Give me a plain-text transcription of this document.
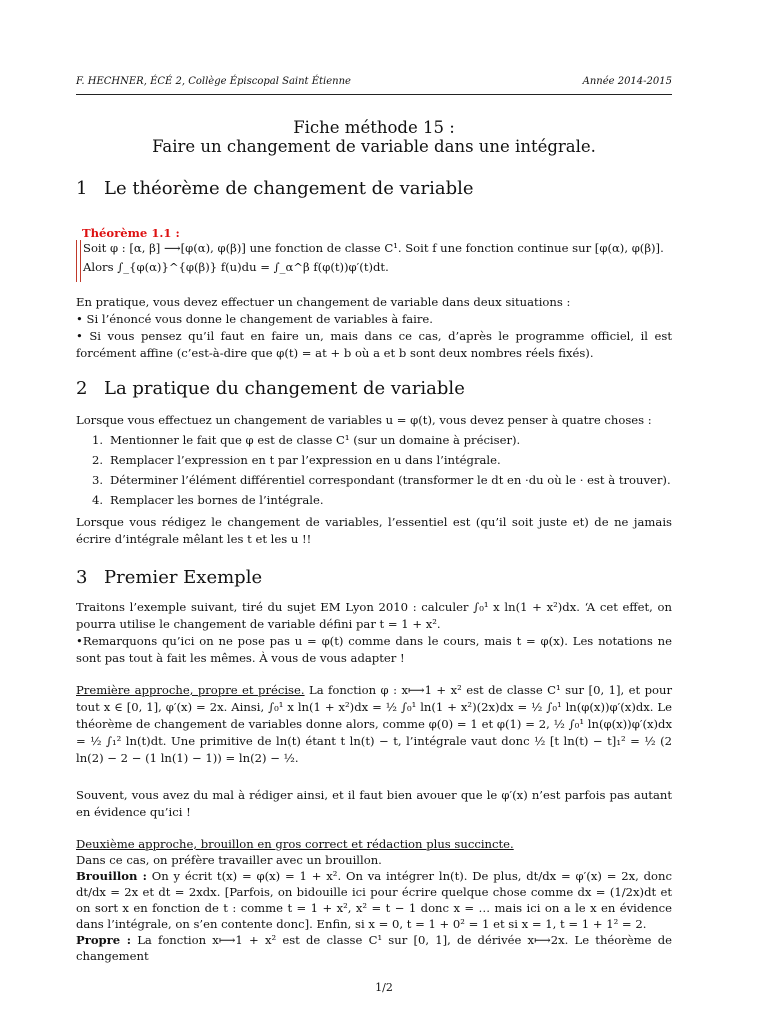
F. HECHNER, ÉCÉ 2, Collège Épiscopal Saint Étienne	Année 2014-2015
Fiche méthode 15 :
Faire un changement de variable dans une intégrale.
1 Le théorème de changement de variable
Théorème 1.1 :
Soit φ : [α, β] ⟶[φ(α), φ(β)] une fonction de classe C¹. Soit f une fonction continue sur [φ(α), φ(β)].
Alors ∫_{φ(α)}^{φ(β)} f(u)du = ∫_α^β f(φ(t))φ′(t)dt.

En pratique, vous devez effectuer un changement de variable dans deux situations :

• Si l’énoncé vous donne le changement de variables à faire.

• Si vous pensez qu’il faut en faire un, mais dans ce cas, d’après le programme officiel, il est forcément affine (c’est-à-dire que φ(t) = at + b où a et b sont deux nombres réels fixés).

2 La pratique du changement de variable
Lorsque vous effectuez un changement de variables u = φ(t), vous devez penser à quatre choses :
1. Mentionner le fait que φ est de classe C¹ (sur un domaine à préciser).
2. Remplacer l’expression en t par l’expression en u dans l’intégrale.
3. Déterminer l’élément différentiel correspondant (transformer le dt en ·du où le · est à trouver).
4. Remplacer les bornes de l’intégrale.
Lorsque vous rédigez le changement de variables, l’essentiel est (qu’il soit juste et) de ne jamais écrire d’intégrale mêlant les t et les u !!
3 Premier Exemple

Traitons l’exemple suivant, tiré du sujet EM Lyon 2010 : calculer ∫₀¹ x ln(1 + x²)dx. ‘A cet effet, on pourra utilise le changement de variable défini par t = 1 + x².

•Remarquons qu’ici on ne pose pas u = φ(t) comme dans le cours, mais t = φ(x). Les notations ne sont pas tout à fait les mêmes. À vous de vous adapter !

Première approche, propre et précise. La fonction φ : x⟼1 + x² est de classe C¹ sur [0, 1], et pour tout x ∈ [0, 1], φ′(x) = 2x. Ainsi, ∫₀¹ x ln(1 + x²)dx = ½ ∫₀¹ ln(1 + x²)(2x)dx = ½ ∫₀¹ ln(φ(x))φ′(x)dx. Le théorème de changement de variables donne alors, comme φ(0) = 1 et φ(1) = 2, ½ ∫₀¹ ln(φ(x))φ′(x)dx = ½ ∫₁² ln(t)dt. Une primitive de ln(t) étant t ln(t) − t, l’intégrale vaut donc ½ [t ln(t) − t]₁² = ½ (2 ln(2) − 2 − (1 ln(1) − 1)) = ln(2) − ½.

Souvent, vous avez du mal à rédiger ainsi, et il faut bien avouer que le φ′(x) n’est parfois pas autant en évidence qu’ici !

Deuxième approche, brouillon en gros correct et rédaction plus succincte.

Dans ce cas, on préfère travailler avec un brouillon.

Brouillon : On y écrit t(x) = φ(x) = 1 + x². On va intégrer ln(t). De plus, dt/dx = φ′(x) = 2x, donc dt/dx = 2x et dt = 2xdx. [Parfois, on bidouille ici pour écrire quelque chose comme dx = (1/2x)dt et on sort x en fonction de t : comme t = 1 + x², x² = t − 1 donc x = … mais ici on a le x en évidence dans l’intégrale, on s’en contente donc]. Enfin, si x = 0, t = 1 + 0² = 1 et si x = 1, t = 1 + 1² = 2.

Propre : La fonction x⟼1 + x² est de classe C¹ sur [0, 1], de dérivée x⟼2x. Le théorème de changement

1/2
